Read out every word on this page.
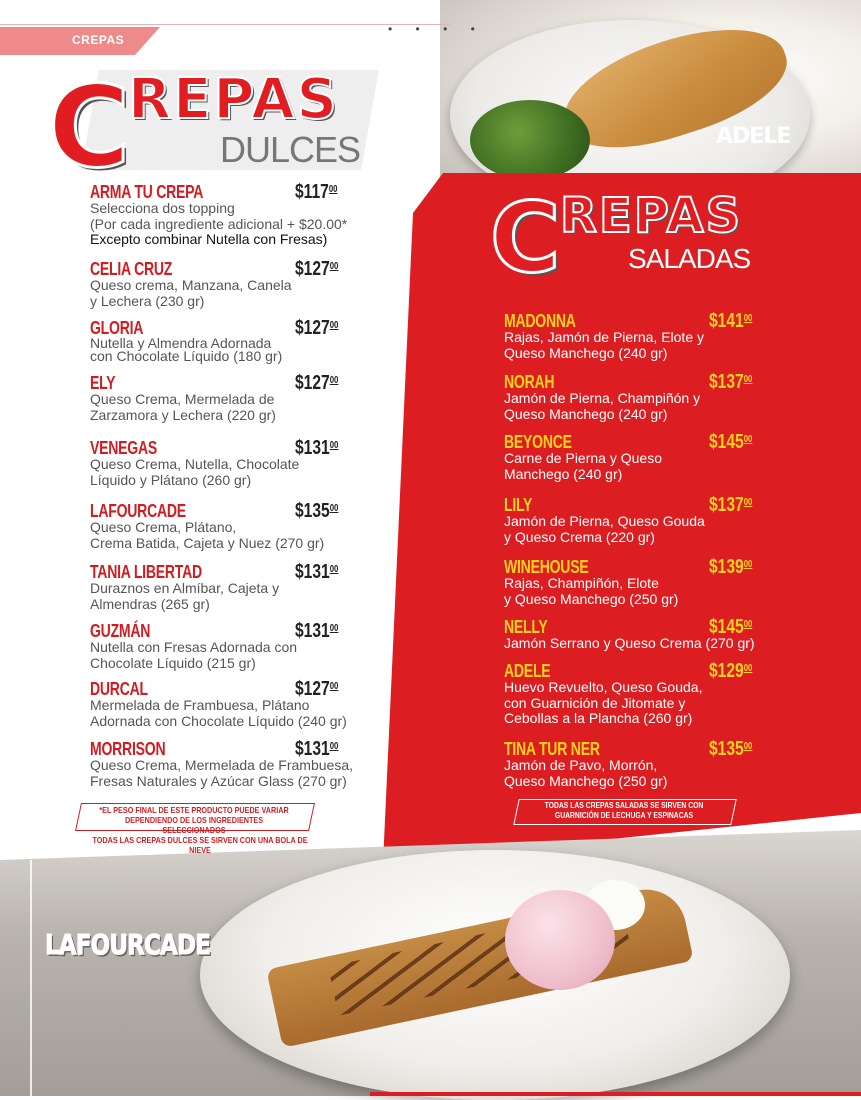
ADELE
LAFOURCADE
CREPAS
• • • •
C
REPAS
DULCES
C REPAS
SALADAS
ARMA TU CREPA	$\$117^{00}$
Selecciona dos topping
(Por cada ingrediente adicional + $20.00*
Excepto combinar Nutella con Fresas)
CELIA CRUZ	$\$127^{00}$
Queso crema, Manzana, Canela
y Lechera (230 gr)
GLORIA	$\$127^{00}$
Nutella y Almendra Adornada
con Chocolate Líquido (180 gr)
ELY	$\$127^{00}$
Queso Crema, Mermelada de
Zarzamora y Lechera (220 gr)
VENEGAS	$\$131^{00}$
Queso Crema, Nutella, Chocolate
Líquido y Plátano (260 gr)
LAFOURCADE	$\$135^{00}$
Queso Crema, Plátano,
Crema Batida, Cajeta y Nuez (270 gr)
TANIA LIBERTAD	$\$131^{00}$
Duraznos en Almíbar, Cajeta y
Almendras (265 gr)
GUZMÁN	$\$131^{00}$
Nutella con Fresas Adornada con
Chocolate Líquido (215 gr)
DURCAL	$\$127^{00}$
Mermelada de Frambuesa, Plátano
Adornada con Chocolate Líquido (240 gr)
MORRISON	$\$131^{00}$
Queso Crema, Mermelada de Frambuesa,
Fresas Naturales y Azúcar Glass (270 gr)
*EL PESO FINAL DE ESTE PRODUCTO PUEDE VARIAR DEPENDIENDO DE LOS INGREDIENTES SELECCIONADOS
TODAS LAS CREPAS DULCES SE SIRVEN CON UNA BOLA DE NIEVE
MADONNA	$\$141^{00}$
Rajas, Jamón de Pierna, Elote y
Queso Manchego (240 gr)
NORAH	$\$137^{00}$
Jamón de Pierna, Champiñón y
Queso Manchego (240 gr)
BEYONCE	$\$145^{00}$
Carne de Pierna y Queso
Manchego (240 gr)
LILY	$\$137^{00}$
Jamón de Pierna, Queso Gouda
y Queso Crema (220 gr)
WINEHOUSE	$\$139^{00}$
Rajas, Champiñón, Elote
y Queso Manchego (250 gr)
NELLY	$\$145^{00}$
Jamón Serrano y Queso Crema (270 gr)
ADELE	$\$129^{00}$
Huevo Revuelto, Queso Gouda,
con Guarnición de Jitomate y
Cebollas a la Plancha (260 gr)
TINA TUR NER	$\$135^{00}$
Jamón de Pavo, Morrón,
Queso Manchego (250 gr)
TODAS LAS CREPAS SALADAS SE SIRVEN CON GUARNICIÓN DE LECHUGA Y ESPINACAS
